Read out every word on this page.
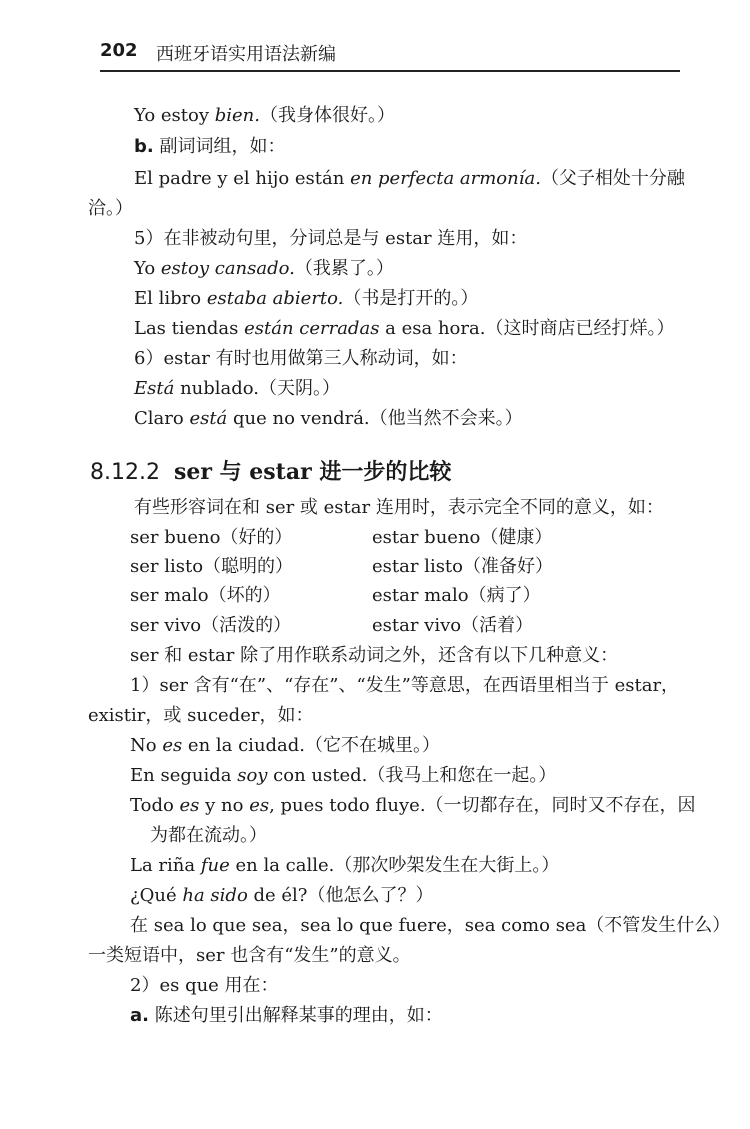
202 西班牙语实用语法新编
Yo estoy bien.（我身体很好。）
b. 副词词组，如：
El padre y el hijo están en perfecta armonía.（父子相处十分融
洽。）
5）在非被动句里，分词总是与 estar 连用，如：
Yo estoy cansado.（我累了。）
El libro estaba abierto.（书是打开的。）
Las tiendas están cerradas a esa hora.（这时商店已经打烊。）
6）estar 有时也用做第三人称动词，如：
Está nublado.（天阴。）
Claro está que no vendrá.（他当然不会来。）
8.12.2 ser 与 estar 进一步的比较
有些形容词在和 ser 或 estar 连用时，表示完全不同的意义，如：
ser bueno（好的）	estar bueno（健康）
ser listo（聪明的）	estar listo（准备好）
ser malo（坏的）	estar malo（病了）
ser vivo（活泼的）	estar vivo（活着）
ser 和 estar 除了用作联系动词之外，还含有以下几种意义：
1）ser 含有“在”、“存在”、“发生”等意思，在西语里相当于 estar，
existir，或 suceder，如：
No es en la ciudad.（它不在城里。）
En seguida soy con usted.（我马上和您在一起。）
Todo es y no es, pues todo fluye.（一切都存在，同时又不存在，因
为都在流动。）
La riña fue en la calle.（那次吵架发生在大街上。）
¿Qué ha sido de él?（他怎么了？）
在 sea lo que sea，sea lo que fuere，sea como sea（不管发生什么）
一类短语中，ser 也含有“发生”的意义。
2）es que 用在：
a. 陈述句里引出解释某事的理由，如：
